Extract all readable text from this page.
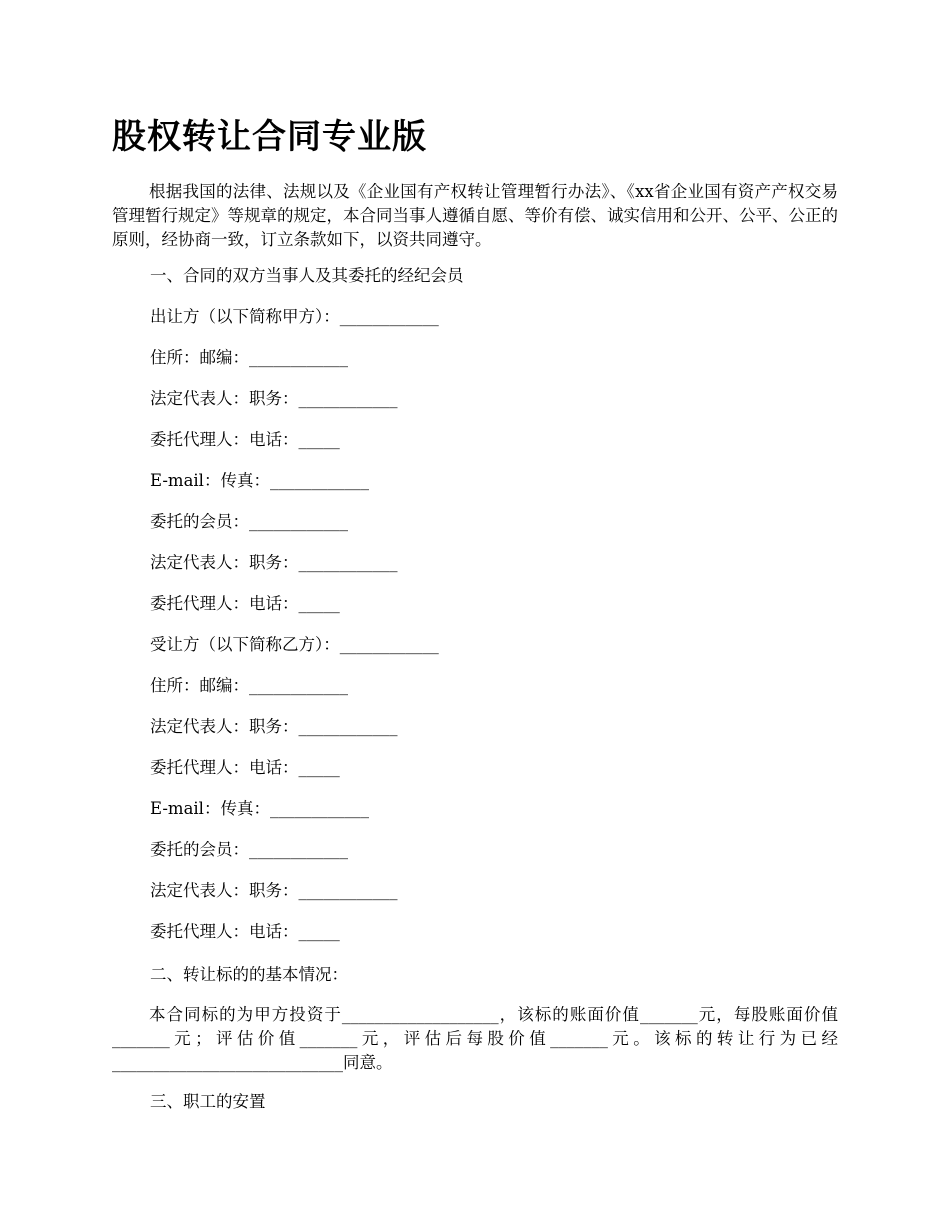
股权转让合同专业版

根据我国的法律、法规以及《企业国有产权转让管理暂行办法》、《xx省企业国有资产产权交易管理暂行规定》等规章的规定，本合同当事人遵循自愿、等价有偿、诚实信用和公开、公平、公正的原则，经协商一致，订立条款如下，以资共同遵守。

一、合同的双方当事人及其委托的经纪会员

出让方（以下简称甲方）：____________

住所：邮编：____________

法定代表人：职务：____________

委托代理人：电话：_____

E-mail：传真：____________

委托的会员：____________

法定代表人：职务：____________

委托代理人：电话：_____

受让方（以下简称乙方）：____________

住所：邮编：____________

法定代表人：职务：____________

委托代理人：电话：_____

E-mail：传真：____________

委托的会员：____________

法定代表人：职务：____________

委托代理人：电话：_____

二、转让标的的基本情况：

本合同标的为甲方投资于___________________，该标的账面价值_______元，每股账面价值_______元；评估价值_______元，评估后每股价值_______元。该标的转让行为已经____________________________同意。

三、职工的安置
